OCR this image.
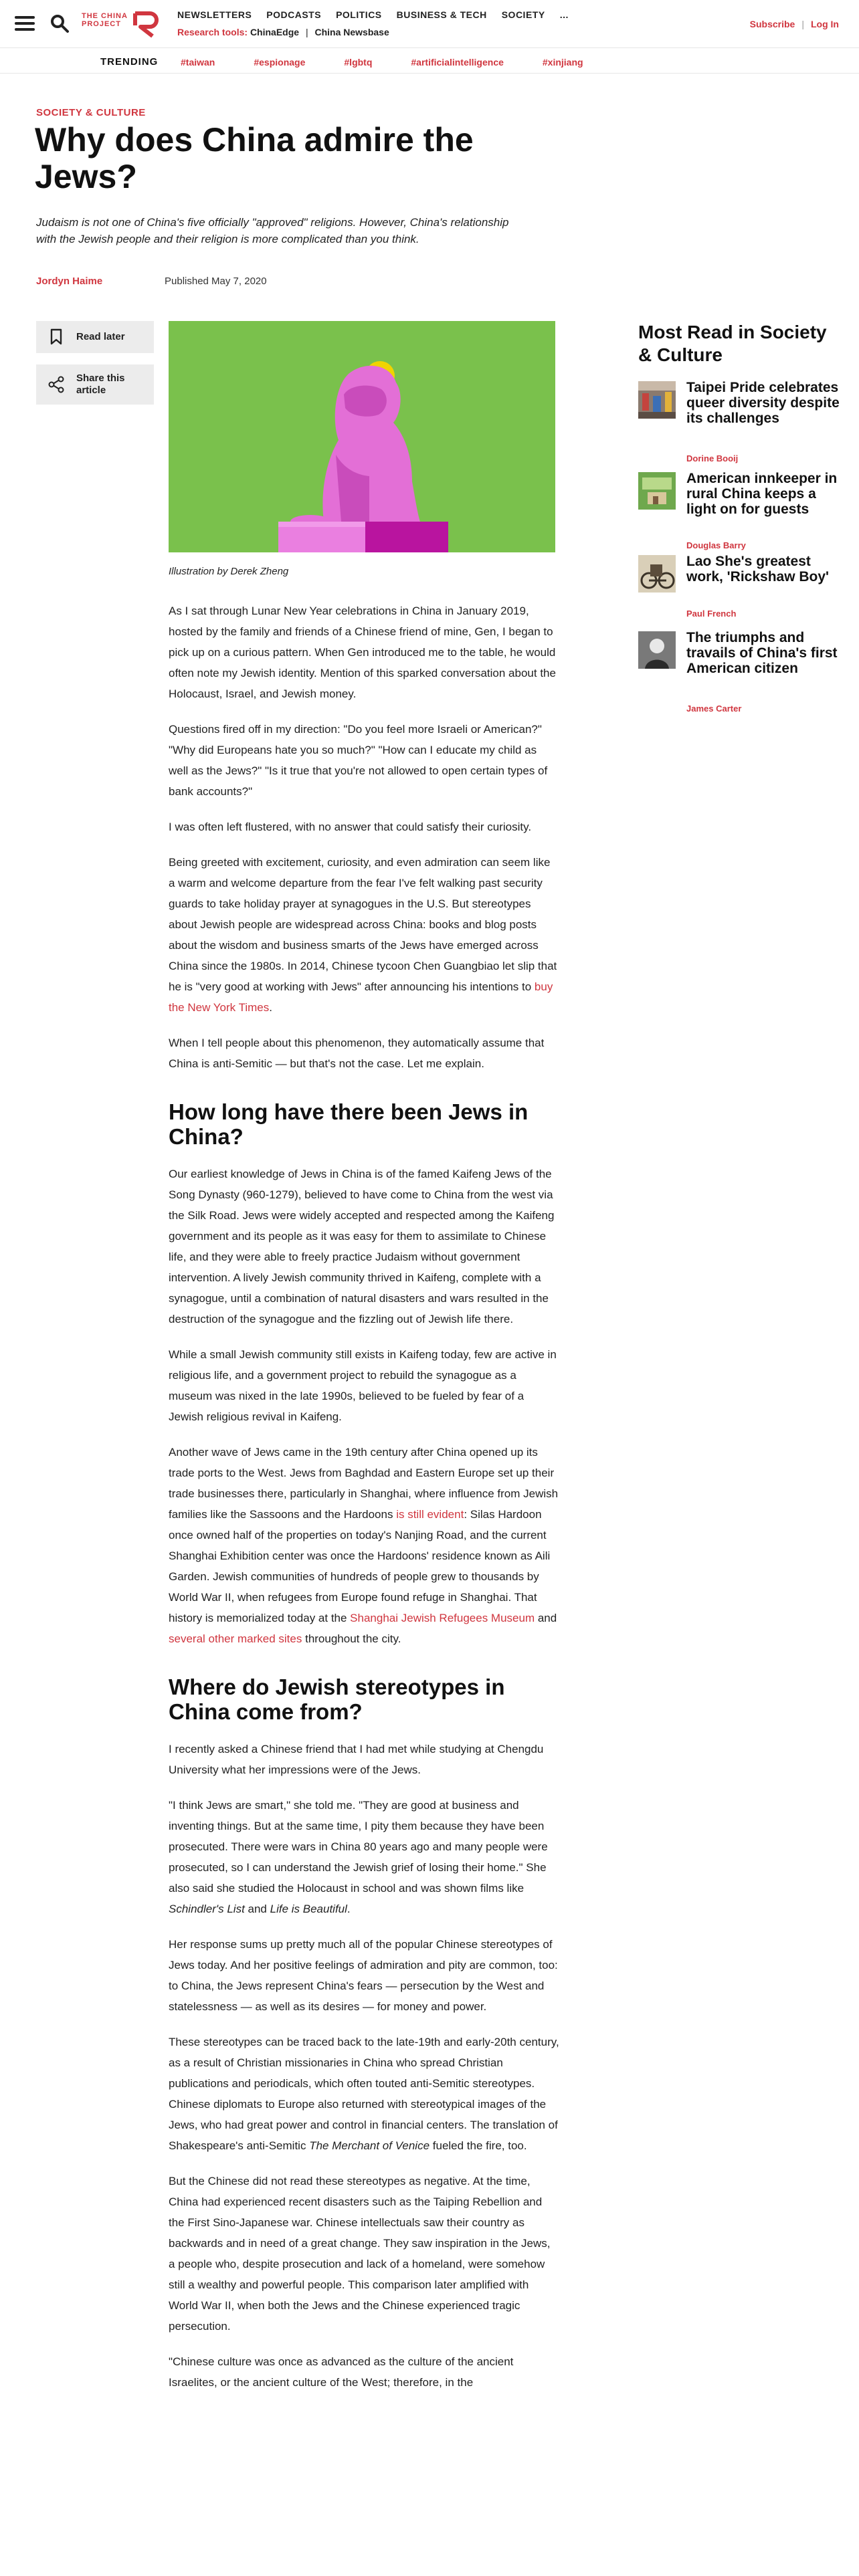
THE CHINA PROJECT
NEWSLETTERS PODCASTS POLITICS BUSINESS & TECH SOCIETY ...
Research tools: ChinaEdge | China Newsbase
Subscribe | Log In
TRENDING #taiwan	#espionage	#lgbtq	#artificialintelligence	#xinjiang
SOCIETY & CULTURE
Why does China admire the Jews?

Judaism is not one of China's five officially "approved" religions. However, China's relationship with the Jewish people and their religion is more complicated than you think.

Jordyn Haime	Published May 7, 2020
Read later
Share this article
Illustration by Derek Zheng

As I sat through Lunar New Year celebrations in China in January 2019, hosted by the family and friends of a Chinese friend of mine, Gen, I began to pick up on a curious pattern. When Gen introduced me to the table, he would often note my Jewish identity. Mention of this sparked conversation about the Holocaust, Israel, and Jewish money.

Questions fired off in my direction: "Do you feel more Israeli or American?" "Why did Europeans hate you so much?" "How can I educate my child as well as the Jews?" "Is it true that you're not allowed to open certain types of bank accounts?"

I was often left flustered, with no answer that could satisfy their curiosity.

Being greeted with excitement, curiosity, and even admiration can seem like a warm and welcome departure from the fear I've felt walking past security guards to take holiday prayer at synagogues in the U.S. But stereotypes about Jewish people are widespread across China: books and blog posts about the wisdom and business smarts of the Jews have emerged across China since the 1980s. In 2014, Chinese tycoon Chen Guangbiao let slip that he is "very good at working with Jews" after announcing his intentions to buy the New York Times.

When I tell people about this phenomenon, they automatically assume that China is anti-Semitic — but that's not the case. Let me explain.

How long have there been Jews in China?

Our earliest knowledge of Jews in China is of the famed Kaifeng Jews of the Song Dynasty (960-1279), believed to have come to China from the west via the Silk Road. Jews were widely accepted and respected among the Kaifeng government and its people as it was easy for them to assimilate to Chinese life, and they were able to freely practice Judaism without government intervention. A lively Jewish community thrived in Kaifeng, complete with a synagogue, until a combination of natural disasters and wars resulted in the destruction of the synagogue and the fizzling out of Jewish life there.

While a small Jewish community still exists in Kaifeng today, few are active in religious life, and a government project to rebuild the synagogue as a museum was nixed in the late 1990s, believed to be fueled by fear of a Jewish religious revival in Kaifeng.

Another wave of Jews came in the 19th century after China opened up its trade ports to the West. Jews from Baghdad and Eastern Europe set up their trade businesses there, particularly in Shanghai, where influence from Jewish families like the Sassoons and the Hardoons is still evident: Silas Hardoon once owned half of the properties on today's Nanjing Road, and the current Shanghai Exhibition center was once the Hardoons' residence known as Aili Garden. Jewish communities of hundreds of people grew to thousands by World War II, when refugees from Europe found refuge in Shanghai. That history is memorialized today at the Shanghai Jewish Refugees Museum and several other marked sites throughout the city.

Where do Jewish stereotypes in China come from?

I recently asked a Chinese friend that I had met while studying at Chengdu University what her impressions were of the Jews.

"I think Jews are smart," she told me. "They are good at business and inventing things. But at the same time, I pity them because they have been prosecuted. There were wars in China 80 years ago and many people were prosecuted, so I can understand the Jewish grief of losing their home." She also said she studied the Holocaust in school and was shown films like Schindler's List and Life is Beautiful.

Her response sums up pretty much all of the popular Chinese stereotypes of Jews today. And her positive feelings of admiration and pity are common, too: to China, the Jews represent China's fears — persecution by the West and statelessness — as well as its desires — for money and power.

These stereotypes can be traced back to the late-19th and early-20th century, as a result of Christian missionaries in China who spread Christian publications and periodicals, which often touted anti-Semitic stereotypes. Chinese diplomats to Europe also returned with stereotypical images of the Jews, who had great power and control in financial centers. The translation of Shakespeare's anti-Semitic The Merchant of Venice fueled the fire, too.

But the Chinese did not read these stereotypes as negative. At the time, China had experienced recent disasters such as the Taiping Rebellion and the First Sino-Japanese war. Chinese intellectuals saw their country as backwards and in need of a great change. They saw inspiration in the Jews, a people who, despite prosecution and lack of a homeland, were somehow still a wealthy and powerful people. This comparison later amplified with World War II, when both the Jews and the Chinese experienced tragic persecution.

"Chinese culture was once as advanced as the culture of the ancient Israelites, or the ancient culture of the West; therefore, in the

Most Read in Society & Culture
Taipei Pride celebrates queer diversity despite its challenges
Dorine Booij
American innkeeper in rural China keeps a light on for guests
Douglas Barry
Lao She's greatest work, 'Rickshaw Boy'
Paul French
The triumphs and travails of China's first American citizen
James Carter
